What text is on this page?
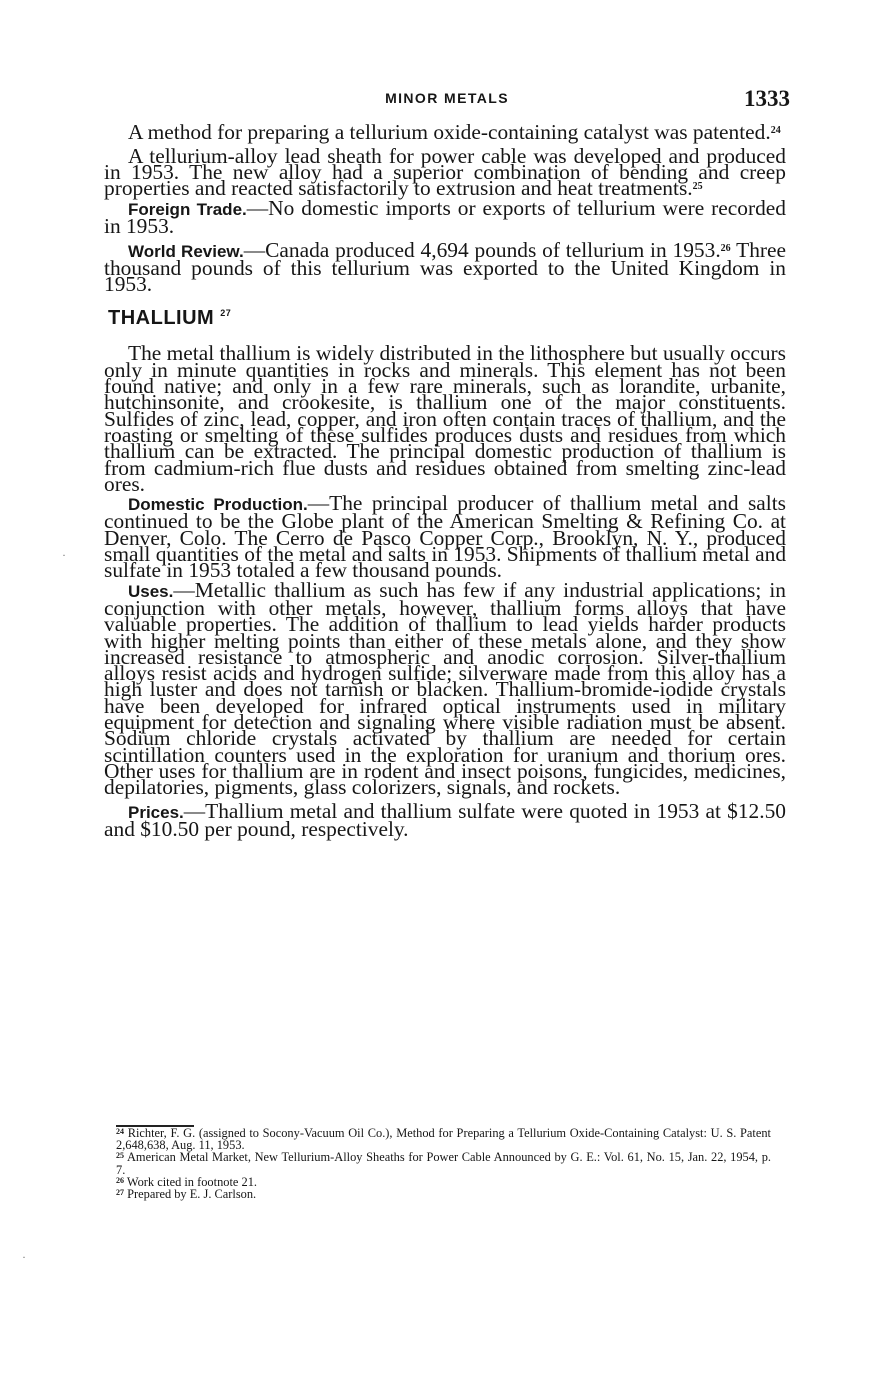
MINOR METALS	1333

A method for preparing a tellurium oxide-containing catalyst was patented.$^{24}$

A tellurium-alloy lead sheath for power cable was developed and produced in 1953. The new alloy had a superior combination of bending and creep properties and reacted satisfactorily to extrusion and heat treatments.$^{25}$

Foreign Trade.—No domestic imports or exports of tellurium were recorded in 1953.

World Review.—Canada produced 4,694 pounds of tellurium in 1953.26 Three thousand pounds of this tellurium was exported to the United Kingdom in 1953.

THALLIUM $^{27}$

The metal thallium is widely distributed in the lithosphere but usually occurs only in minute quantities in rocks and minerals. This element has not been found native; and only in a few rare minerals, such as lorandite, urbanite, hutchinsonite, and crookesite, is thallium one of the major constituents. Sulfides of zinc, lead, copper, and iron often contain traces of thallium, and the roasting or smelting of these sulfides produces dusts and residues from which thallium can be extracted. The principal domestic production of thallium is from cadmium-rich flue dusts and residues obtained from smelting zinc-lead ores.

Domestic Production.—The principal producer of thallium metal and salts continued to be the Globe plant of the American Smelting & Refining Co. at Denver, Colo. The Cerro de Pasco Copper Corp., Brooklyn, N. Y., produced small quantities of the metal and salts in 1953. Shipments of thallium metal and sulfate in 1953 totaled a few thousand pounds.

Uses.—Metallic thallium as such has few if any industrial applications; in conjunction with other metals, however, thallium forms alloys that have valuable properties. The addition of thallium to lead yields harder products with higher melting points than either of these metals alone, and they show increased resistance to atmospheric and anodic corrosion. Silver-thallium alloys resist acids and hydrogen sulfide; silverware made from this alloy has a high luster and does not tarnish or blacken. Thallium-bromide-iodide crystals have been developed for infrared optical instruments used in military equipment for detection and signaling where visible radiation must be absent. Sodium chloride crystals activated by thallium are needed for certain scintillation counters used in the exploration for uranium and thorium ores. Other uses for thallium are in rodent and insect poisons, fungicides, medicines, depilatories, pigments, glass colorizers, signals, and rockets.

Prices.—Thallium metal and thallium sulfate were quoted in 1953 at $12.50 and $10.50 per pound, respectively.

$^{24}$ Richter, F. G. (assigned to Socony-Vacuum Oil Co.), Method for Preparing a Tellurium Oxide-Containing Catalyst: U. S. Patent 2,648,638, Aug. 11, 1953.

$^{25}$ American Metal Market, New Tellurium-Alloy Sheaths for Power Cable Announced by G. E.: Vol. 61, No. 15, Jan. 22, 1954, p. 7.

$^{26}$ Work cited in footnote 21.

$^{27}$ Prepared by E. J. Carlson.

·
·
